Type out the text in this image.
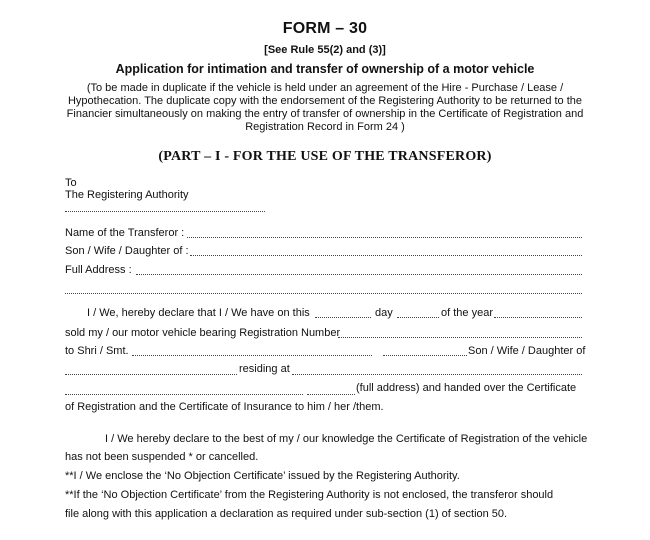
FORM – 30
[See Rule 55(2) and (3)]
Application for intimation and transfer of ownership of a motor vehicle
(To be made in duplicate if the vehicle is held under an agreement of the Hire - Purchase / Lease /
Hypothecation. The duplicate copy with the endorsement of the Registering Authority to be returned to the
Financier simultaneously on making the entry of transfer of ownership in the Certificate of Registration and
Registration Record in Form 24 )
(PART – I - FOR THE USE OF THE TRANSFEROR)
To
The Registering Authority
Name of the Transferor :
Son / Wife / Daughter of :
Full Address :
I / We, hereby declare that I / We have on this	day	of the year
sold my / our motor vehicle bearing Registration Number
to Shri / Smt.	Son / Wife / Daughter of
residing at
(full address) and handed over the Certificate
of Registration and the Certificate of Insurance to him / her /them.
I / We hereby declare to the best of my / our knowledge the Certificate of Registration of the vehicle
has not been suspended * or cancelled.
**I / We enclose the ‘No Objection Certificate’ issued by the Registering Authority.
**If the ‘No Objection Certificate’ from the Registering Authority is not enclosed, the transferor should
file along with this application a declaration as required under sub-section (1) of section 50.
